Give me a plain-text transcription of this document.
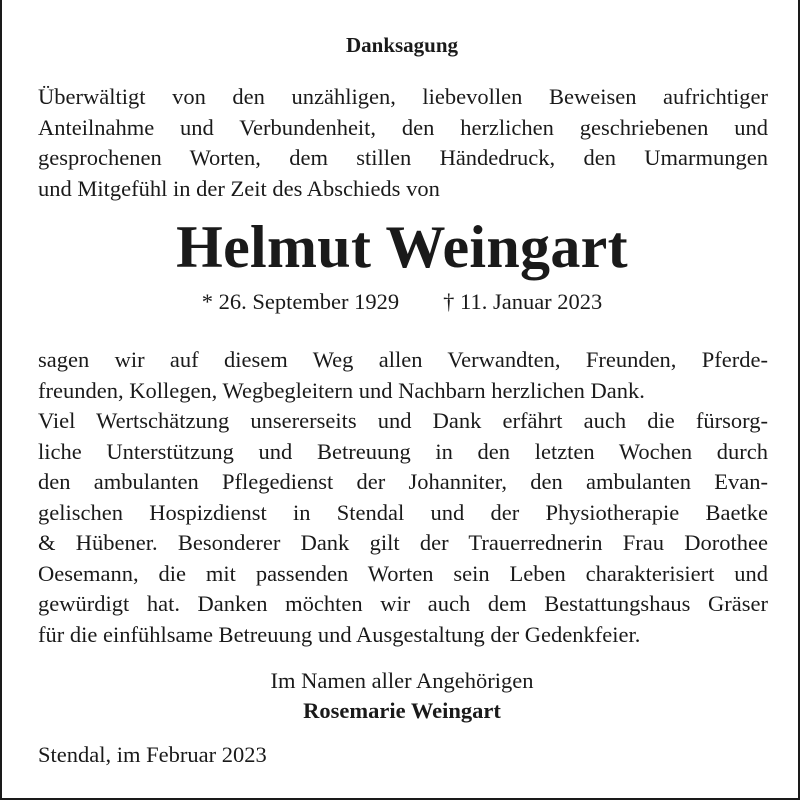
Danksagung
Überwältigt von den unzähligen, liebevollen Beweisen aufrichtiger
Anteilnahme und Verbundenheit, den herzlichen geschriebenen und
gesprochenen Worten, dem stillen Händedruck, den Umarmungen
und Mitgefühl in der Zeit des Abschieds von
Helmut Weingart
* 26. September 1929 † 11. Januar 2023
sagen wir auf diesem Weg allen Verwandten, Freunden, Pferde-
freunden, Kollegen, Wegbegleitern und Nachbarn herzlichen Dank.
Viel Wertschätzung unsererseits und Dank erfährt auch die fürsorg-
liche Unterstützung und Betreuung in den letzten Wochen durch
den ambulanten Pflegedienst der Johanniter, den ambulanten Evan-
gelischen Hospizdienst in Stendal und der Physiotherapie Baetke
& Hübener. Besonderer Dank gilt der Trauerrednerin Frau Dorothee
Oesemann, die mit passenden Worten sein Leben charakterisiert und
gewürdigt hat. Danken möchten wir auch dem Bestattungshaus Gräser
für die einfühlsame Betreuung und Ausgestaltung der Gedenkfeier.
Im Namen aller Angehörigen
Rosemarie Weingart
Stendal, im Februar 2023
